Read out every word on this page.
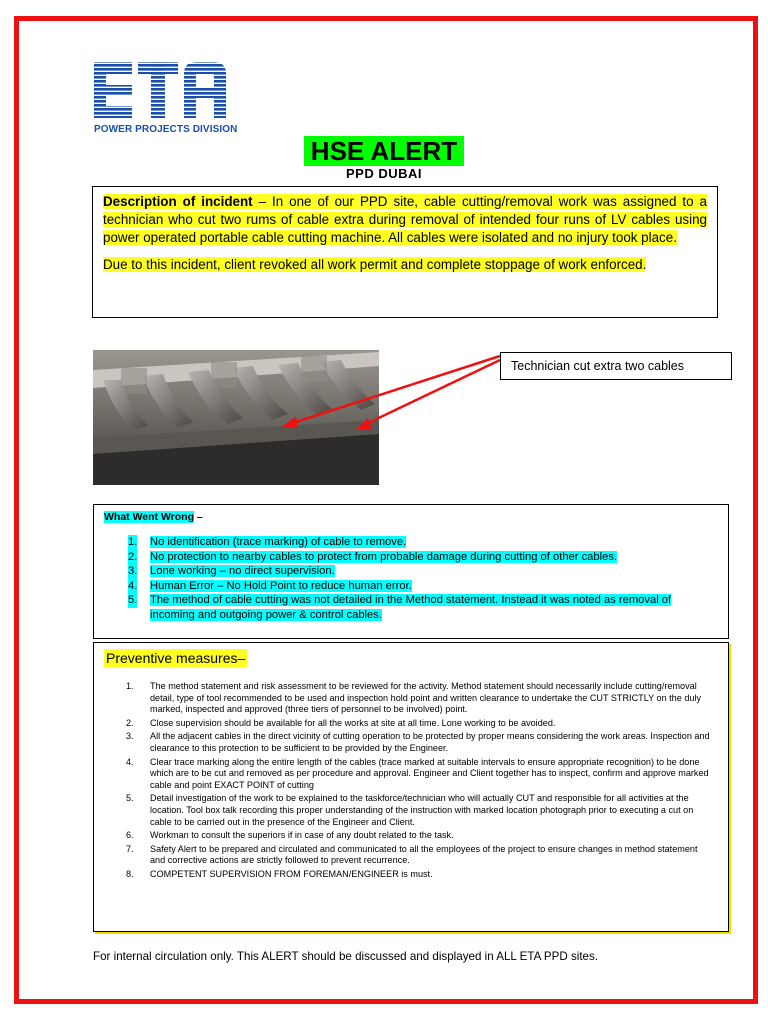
POWER PROJECTS DIVISION
HSE ALERT
PPD DUBAI

Description of incident – In one of our PPD site, cable cutting/removal work was assigned to a technician who cut two rums of cable extra during removal of intended four runs of LV cables using power operated portable cable cutting machine. All cables were isolated and no injury took place.

Due to this incident, client revoked all work permit and complete stoppage of work enforced.

Technician cut extra two cables
What Went Wrong –
1. No identification (trace marking) of cable to remove.
2. No protection to nearby cables to protect from probable damage during cutting of other cables.
3. Lone working – no direct supervision.
4. Human Error – No Hold Point to reduce human error.
5. The method of cable cutting was not detailed in the Method statement. Instead it was noted as removal of incoming and outgoing power & control cables.
Preventive measures–
1. The method statement and risk assessment to be reviewed for the activity. Method statement should necessarily include cutting/removal detail, type of tool recommended to be used and inspection hold point and written clearance to undertake the CUT STRICTLY on the duly marked, inspected and approved (three tiers of personnel to be involved) point.
2. Close supervision should be available for all the works at site at all time. Lone working to be avoided.
3. All the adjacent cables in the direct vicinity of cutting operation to be protected by proper means considering the work areas. Inspection and clearance to this protection to be sufficient to be provided by the Engineer.
4. Clear trace marking along the entire length of the cables (trace marked at suitable intervals to ensure appropriate recognition) to be done which are to be cut and removed as per procedure and approval. Engineer and Client together has to inspect, confirm and approve marked cable and point EXACT POINT of cutting
5. Detail investigation of the work to be explained to the taskforce/technician who will actually CUT and responsible for all activities at the location. Tool box talk recording this proper understanding of the instruction with marked location photograph prior to executing a cut on cable to be carried out in the presence of the Engineer and Client.
6. Workman to consult the superiors if in case of any doubt related to the task.
7. Safety Alert to be prepared and circulated and communicated to all the employees of the project to ensure changes in method statement and corrective actions are strictly followed to prevent recurrence.
8. COMPETENT SUPERVISION FROM FOREMAN/ENGINEER is must.
For internal circulation only. This ALERT should be discussed and displayed in ALL ETA PPD sites.
